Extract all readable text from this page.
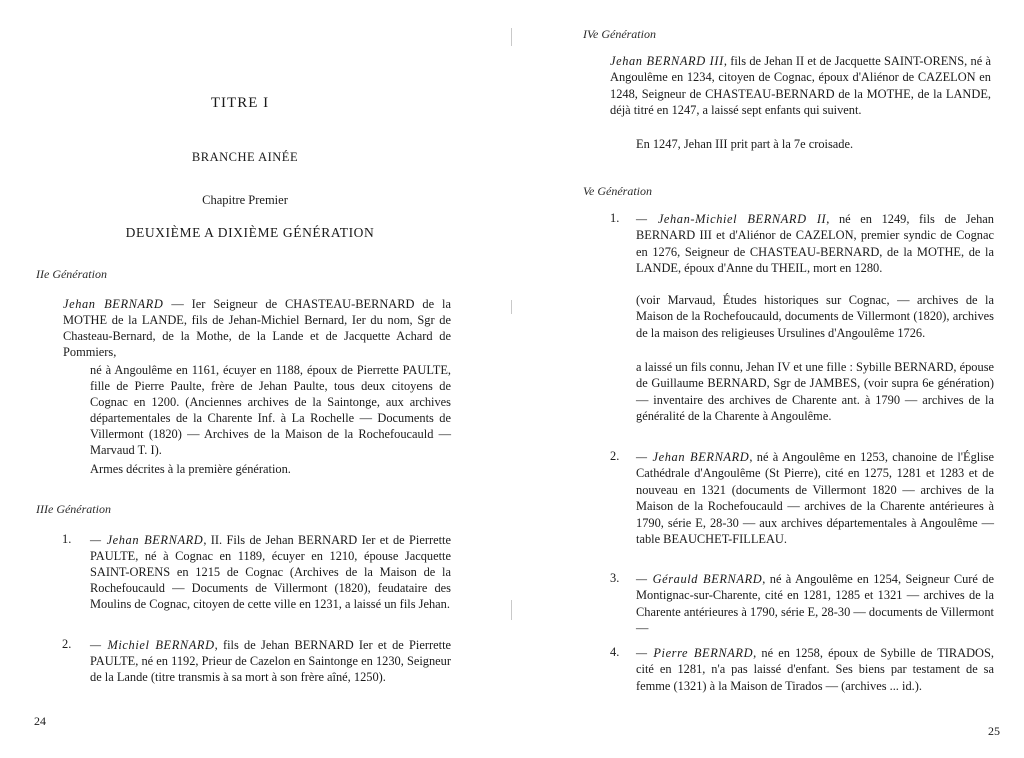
TITRE I

BRANCHE AINÉE

Chapitre Premier

DEUXIÈME A DIXIÈME GÉNÉRATION

IIe Génération

Jehan BERNARD — Ier Seigneur de CHASTEAU-BERNARD de la MOTHE de la LANDE, fils de Jehan-Michiel Bernard, Ier du nom, Sgr de Chasteau-Bernard, de la Mothe, de la Lande et de Jacquette Achard de Pommiers,

né à Angoulême en 1161, écuyer en 1188, époux de Pierrette PAULTE, fille de Pierre Paulte, frère de Jehan Paulte, tous deux citoyens de Cognac en 1200. (Anciennes archives de la Saintonge, aux archives départementales de la Charente Inf. à La Rochelle — Documents de Villermont (1820) — Archives de la Maison de la Rochefoucauld — Marvaud T. I).

Armes décrites à la première génération.

IIIe Génération

1. — Jehan BERNARD, II. Fils de Jehan BERNARD Ier et de Pierrette PAULTE, né à Cognac en 1189, écuyer en 1210, épouse Jacquette SAINT-ORENS en 1215 de Cognac (Archives de la Maison de la Rochefoucauld — Documents de Villermont (1820), feudataire des Moulins de Cognac, citoyen de cette ville en 1231, a laissé un fils Jehan.

2. — Michiel BERNARD, fils de Jehan BERNARD Ier et de Pierrette PAULTE, né en 1192, Prieur de Cazelon en Saintonge en 1230, Seigneur de la Lande (titre transmis à sa mort à son frère aîné, 1250).

24

IVe Génération

Jehan BERNARD III, fils de Jehan II et de Jacquette SAINT-ORENS, né à Angoulême en 1234, citoyen de Cognac, époux d'Aliénor de CAZELON en 1248, Seigneur de CHASTEAU-BERNARD de la MOTHE, de la LANDE, déjà titré en 1247, a laissé sept enfants qui suivent.

En 1247, Jehan III prit part à la 7e croisade.

Ve Génération

1. — Jehan-Michiel BERNARD II, né en 1249, fils de Jehan BERNARD III et d'Aliénor de CAZELON, premier syndic de Cognac en 1276, Seigneur de CHASTEAU-BERNARD, de la MOTHE, de la LANDE, époux d'Anne du THEIL, mort en 1280.

(voir Marvaud, Études historiques sur Cognac, — archives de la Maison de la Rochefoucauld, documents de Villermont (1820), archives de la maison des religieuses Ursulines d'Angoulême 1726.

a laissé un fils connu, Jehan IV et une fille : Sybille BERNARD, épouse de Guillaume BERNARD, Sgr de JAMBES, (voir supra 6e génération) — inventaire des archives de Charente ant. à 1790 — archives de la généralité de la Charente à Angoulême.

2. — Jehan BERNARD, né à Angoulême en 1253, chanoine de l'Église Cathédrale d'Angoulême (St Pierre), cité en 1275, 1281 et 1283 et de nouveau en 1321 (documents de Villermont 1820 — archives de la Maison de la Rochefoucauld — archives de la Charente antérieures à 1790, série E, 28-30 — aux archives départementales à Angoulême — table BEAUCHET-FILLEAU.

3. — Gérauld BERNARD, né à Angoulême en 1254, Seigneur Curé de Montignac-sur-Charente, cité en 1281, 1285 et 1321 — archives de la Charente antérieures à 1790, série E, 28-30 — documents de Villermont —

4. — Pierre BERNARD, né en 1258, époux de Sybille de TIRADOS, cité en 1281, n'a pas laissé d'enfant. Ses biens par testament de sa femme (1321) à la Maison de Tirados — (archives ... id.).

25
